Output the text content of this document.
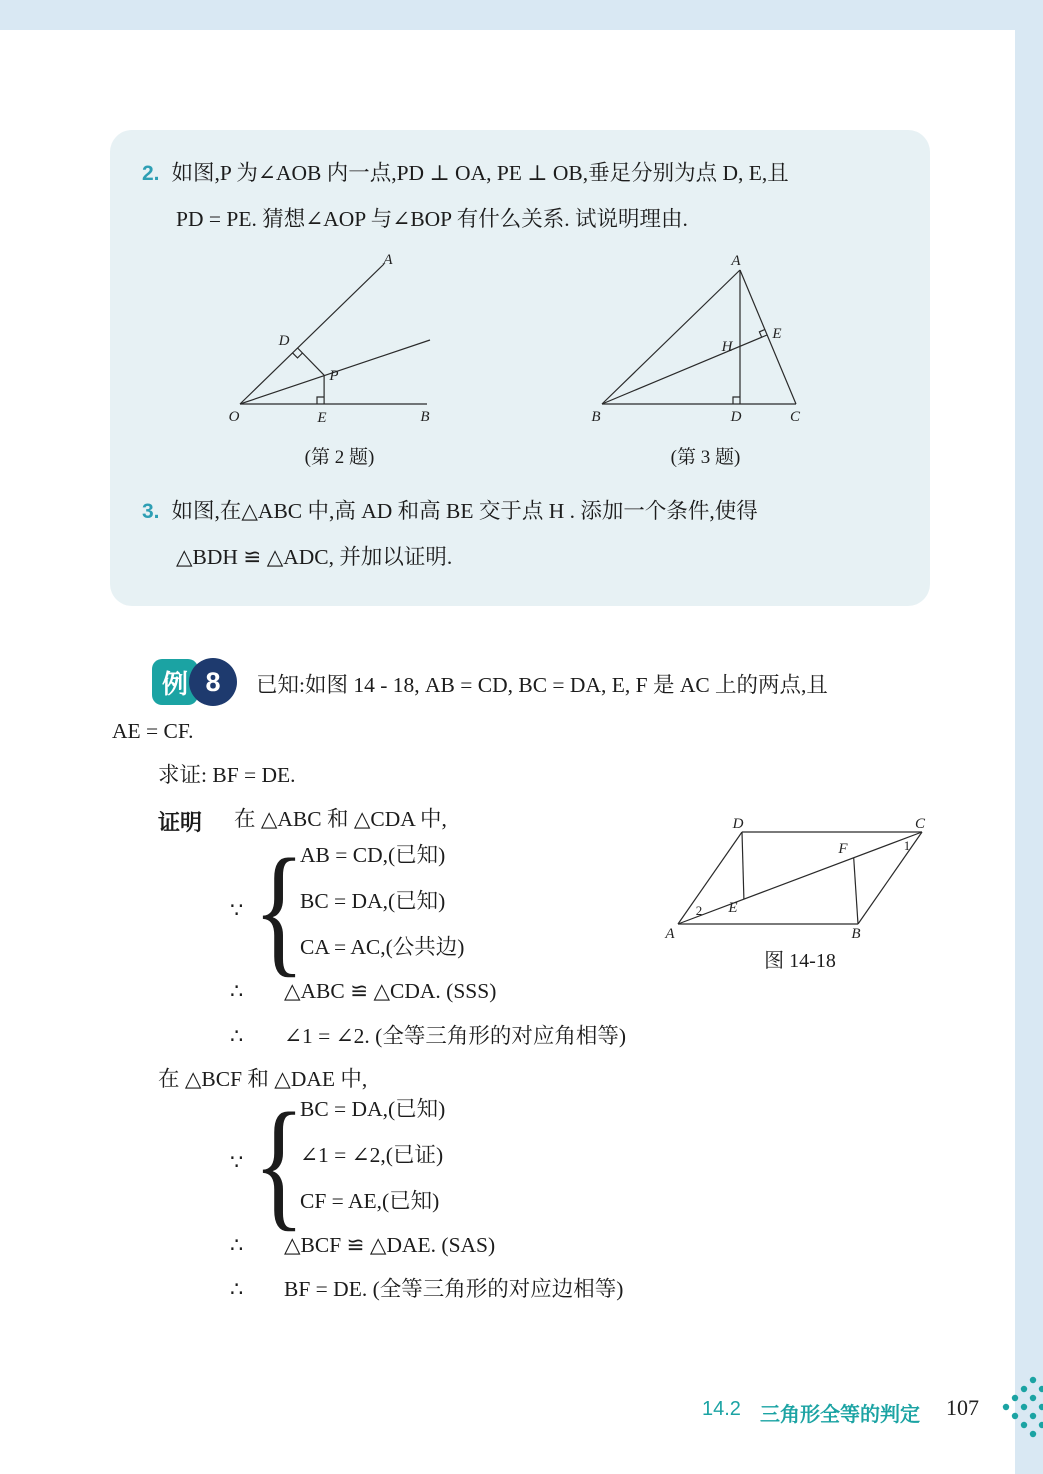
2. 如图,P 为∠AOB 内一点,PD ⊥ OA, PE ⊥ OB,垂足分别为点 D, E,且
PD = PE. 猜想∠AOP 与∠BOP 有什么关系. 试说明理由.
A
D
P
O	E	B
(第 2 题)
A
B	C
D
E
H
(第 3 题)
3. 如图,在△ABC 中,高 AD 和高 BE 交于点 H . 添加一个条件,使得
△BDH ≌ △ADC, 并加以证明.
例 8	已知:如图 14 - 18, AB = CD, BC = DA, E, F 是 AC 上的两点,且
AE = CF.
求证: BF = DE.
证明 在 △ABC 和 △CDA 中,
∵ {
AB = CD,(已知)
BC = DA,(已知)
CA = AC,(公共边)
∴ △ABC ≌ △CDA. (SSS)
∴ ∠1 = ∠2. (全等三角形的对应角相等)
在 △BCF 和 △DAE 中,
∵ {
BC = DA,(已知)
∠1 = ∠2,(已证)
CF = AE,(已知)
∴ △BCF ≌ △DAE. (SAS)
∴ BF = DE. (全等三角形的对应边相等)
D	C
F
E
A	B
1
2
图 14-18
14.2 三角形全等的判定 107
